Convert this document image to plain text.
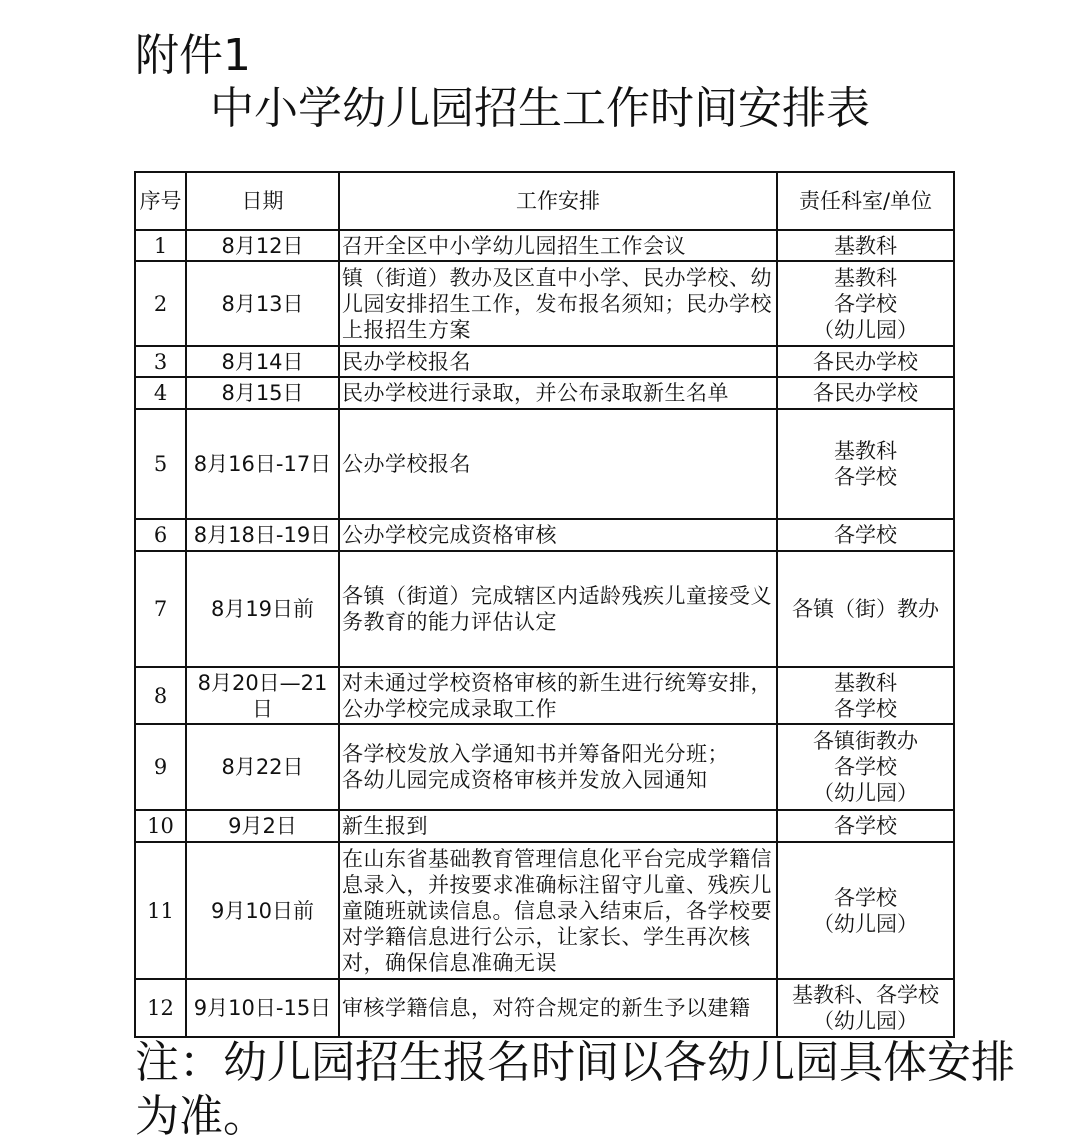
附件1
中小学幼儿园招生工作时间安排表
序号	日期	工作安排	责任科室/单位
1	8月12日	召开全区中小学幼儿园招生工作会议	基教科
2	8月13日	镇（街道）教办及区直中小学、民办学校、幼儿园安排招生工作，发布报名须知；民办学校上报招生方案	基教科
各学校
（幼儿园）
3	8月14日	民办学校报名	各民办学校
4	8月15日	民办学校进行录取，并公布录取新生名单	各民办学校
5	8月16日-17日	公办学校报名	基教科
各学校
6	8月18日-19日	公办学校完成资格审核	各学校
7	8月19日前	各镇（街道）完成辖区内适龄残疾儿童接受义务教育的能力评估认定	各镇（街）教办
8	8月20日—21日	对未通过学校资格审核的新生进行统筹安排，公办学校完成录取工作	基教科
各学校
9	8月22日	各学校发放入学通知书并筹备阳光分班；
各幼儿园完成资格审核并发放入园通知	各镇街教办
各学校
（幼儿园）
10	9月2日	新生报到	各学校
11	9月10日前	在山东省基础教育管理信息化平台完成学籍信息录入，并按要求准确标注留守儿童、残疾儿童随班就读信息。信息录入结束后，各学校要对学籍信息进行公示，让家长、学生再次核对，确保信息准确无误	各学校
（幼儿园）
12	9月10日-15日	审核学籍信息，对符合规定的新生予以建籍	基教科、各学校
（幼儿园）
注：幼儿园招生报名时间以各幼儿园具体安排为准。
